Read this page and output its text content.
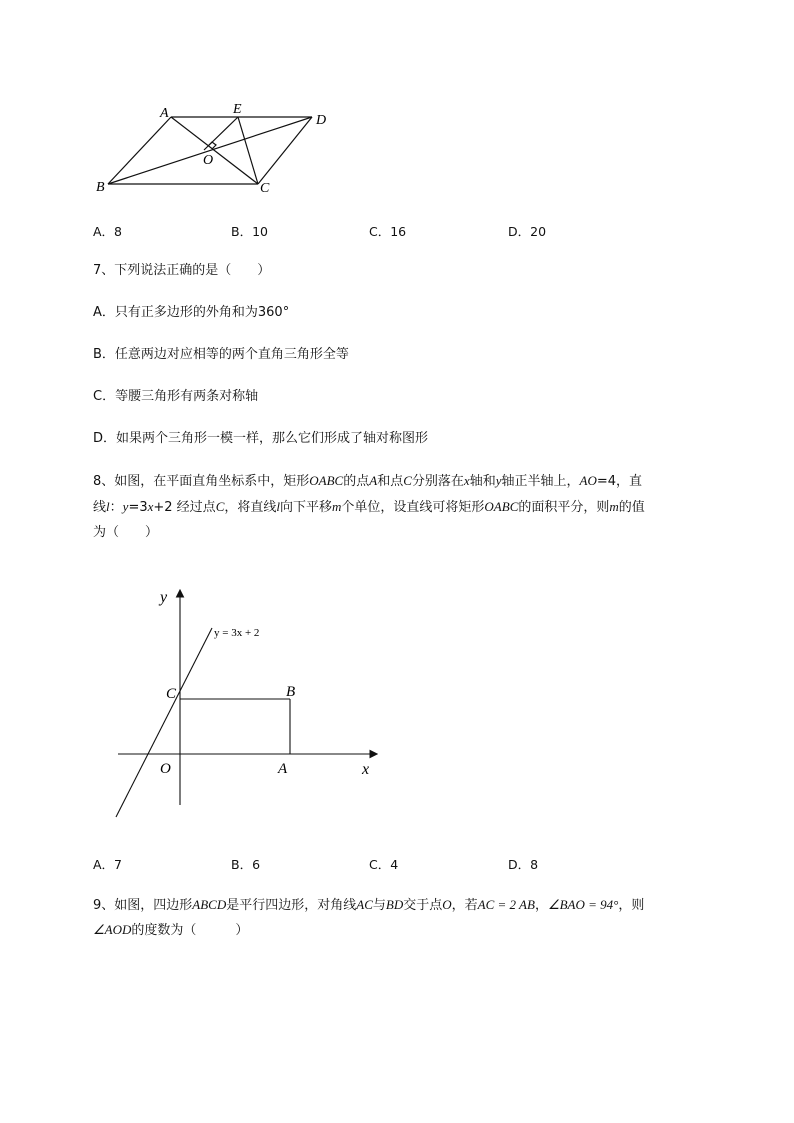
A	E
D
O
B	C
A．8	B．10	C．16	D．20
7、下列说法正确的是（　　）
A．只有正多边形的外角和为360°
B．任意两边对应相等的两个直角三角形全等
C．等腰三角形有两条对称轴
D．如果两个三角形一模一样，那么它们形成了轴对称图形
8、如图，在平面直角坐标系中，矩形OABC的点A和点C分别落在x轴和y轴正半轴上，AO=4，直
线l：y=3x+2 经过点C，将直线l向下平移m个单位，设直线可将矩形OABC的面积平分，则m的值
为（　　）
y
x
y = 3x + 2
C	B
O	A
A．7	B．6	C．4	D．8
9、如图，四边形ABCD是平行四边形，对角线AC与BD交于点O，若AC = 2 AB，∠BAO = 94°，则
∠AOD的度数为（　　　）
